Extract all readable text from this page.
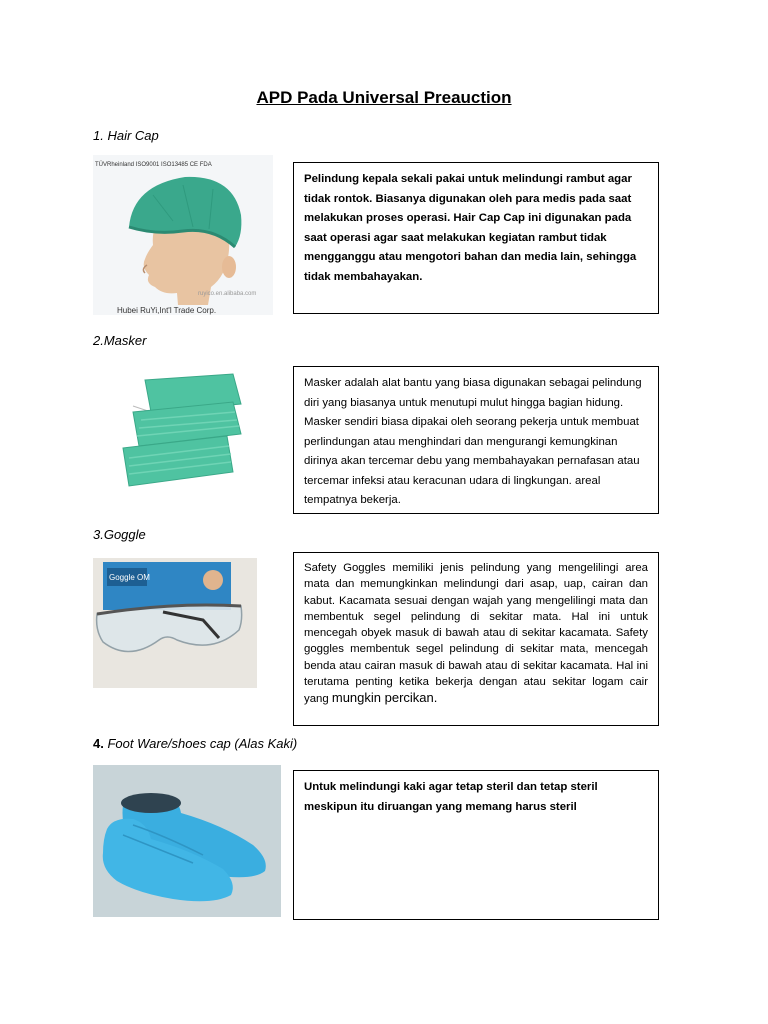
APD Pada Universal Preauction
1. Hair Cap
TÜVRheinland ISO9001 ISO13485 CE FDA
ruyico.en.alibaba.com
Hubei RuYi,Int'l Trade Corp.
Pelindung kepala sekali pakai untuk melindungi rambut agar tidak rontok. Biasanya digunakan oleh para medis pada saat melakukan proses operasi. Hair Cap Cap ini digunakan pada saat operasi agar saat melakukan kegiatan rambut tidak mengganggu atau mengotori bahan dan media lain, sehingga tidak membahayakan.
2.Masker
Masker adalah alat bantu yang biasa digunakan sebagai pelindung diri yang biasanya untuk menutupi mulut hingga bagian hidung. Masker sendiri biasa dipakai oleh seorang pekerja untuk membuat perlindungan atau menghindari dan mengurangi kemungkinan dirinya akan tercemar debu yang membahayakan pernafasan atau tercemar infeksi atau keracunan udara di lingkungan. areal tempatnya bekerja.
3.Goggle
Goggle OM
Safety Goggles memiliki jenis pelindung yang mengelilingi area mata dan memungkinkan melindungi dari asap, uap, cairan dan kabut. Kacamata sesuai dengan wajah yang mengelilingi mata dan membentuk segel pelindung di sekitar mata. Hal ini untuk mencegah obyek masuk di bawah atau di sekitar kacamata. Safety goggles membentuk segel pelindung di sekitar mata, mencegah benda atau cairan masuk di bawah atau di sekitar kacamata. Hal ini terutama penting ketika bekerja dengan atau sekitar logam cair yang mungkin percikan.
4. Foot Ware/shoes cap (Alas Kaki)
Untuk melindungi kaki agar tetap steril dan tetap steril meskipun itu diruangan yang memang harus steril
